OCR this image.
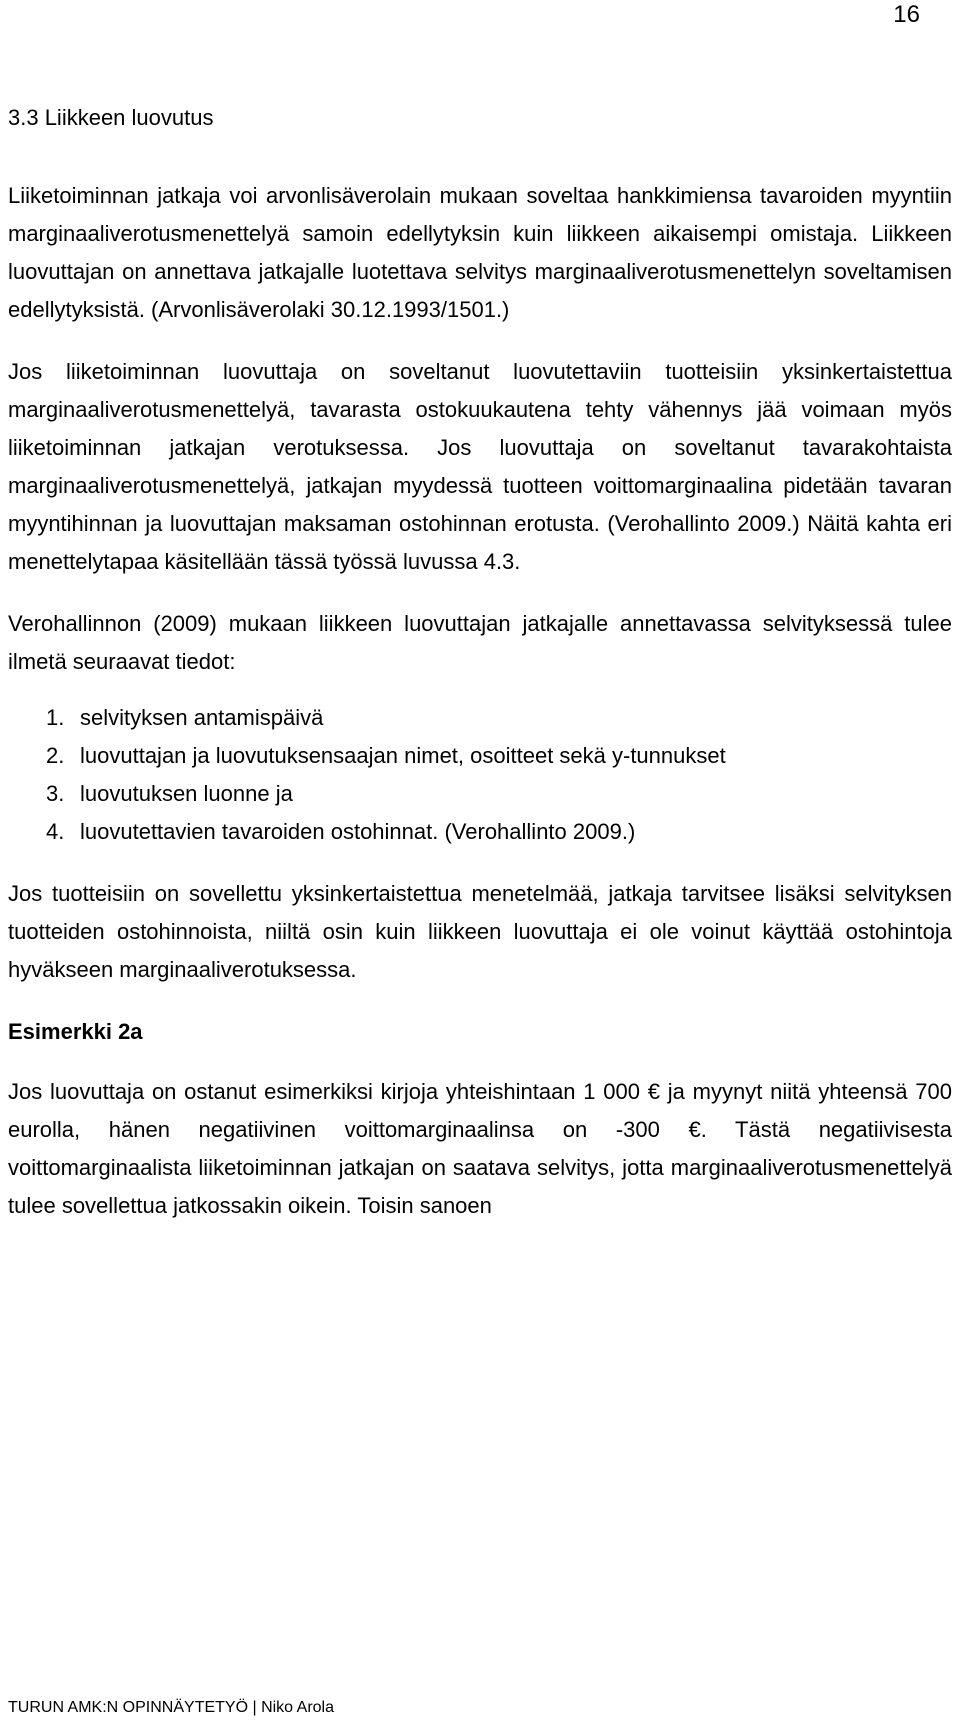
16
3.3 Liikkeen luovutus

Liiketoiminnan jatkaja voi arvonlisäverolain mukaan soveltaa hankkimiensa tavaroiden myyntiin marginaaliverotusmenettelyä samoin edellytyksin kuin liikkeen aikaisempi omistaja. Liikkeen luovuttajan on annettava jatkajalle luotettava selvitys marginaaliverotusmenettelyn soveltamisen edellytyksistä. (Arvonlisäverolaki 30.12.1993/1501.)

Jos liiketoiminnan luovuttaja on soveltanut luovutettaviin tuotteisiin yksinkertaistettua marginaaliverotusmenettelyä, tavarasta ostokuukautena tehty vähennys jää voimaan myös liiketoiminnan jatkajan verotuksessa. Jos luovuttaja on soveltanut tavarakohtaista marginaaliverotusmenettelyä, jatkajan myydessä tuotteen voittomarginaalina pidetään tavaran myyntihinnan ja luovuttajan maksaman ostohinnan erotusta. (Verohallinto 2009.) Näitä kahta eri menettelytapaa käsitellään tässä työssä luvussa 4.3.

Verohallinnon (2009) mukaan liikkeen luovuttajan jatkajalle annettavassa selvityksessä tulee ilmetä seuraavat tiedot:

1. selvityksen antamispäivä
2. luovuttajan ja luovutuksensaajan nimet, osoitteet sekä y-tunnukset
3. luovutuksen luonne ja
4. luovutettavien tavaroiden ostohinnat. (Verohallinto 2009.)

Jos tuotteisiin on sovellettu yksinkertaistettua menetelmää, jatkaja tarvitsee lisäksi selvityksen tuotteiden ostohinnoista, niiltä osin kuin liikkeen luovuttaja ei ole voinut käyttää ostohintoja hyväkseen marginaaliverotuksessa.

Esimerkki 2a

Jos luovuttaja on ostanut esimerkiksi kirjoja yhteishintaan 1 000 € ja myynyt niitä yhteensä 700 eurolla, hänen negatiivinen voittomarginaalinsa on -300 €. Tästä negatiivisesta voittomarginaalista liiketoiminnan jatkajan on saatava selvitys, jotta marginaaliverotusmenettelyä tulee sovellettua jatkossakin oikein. Toisin sanoen

TURUN AMK:N OPINNÄYTETYÖ | Niko Arola
